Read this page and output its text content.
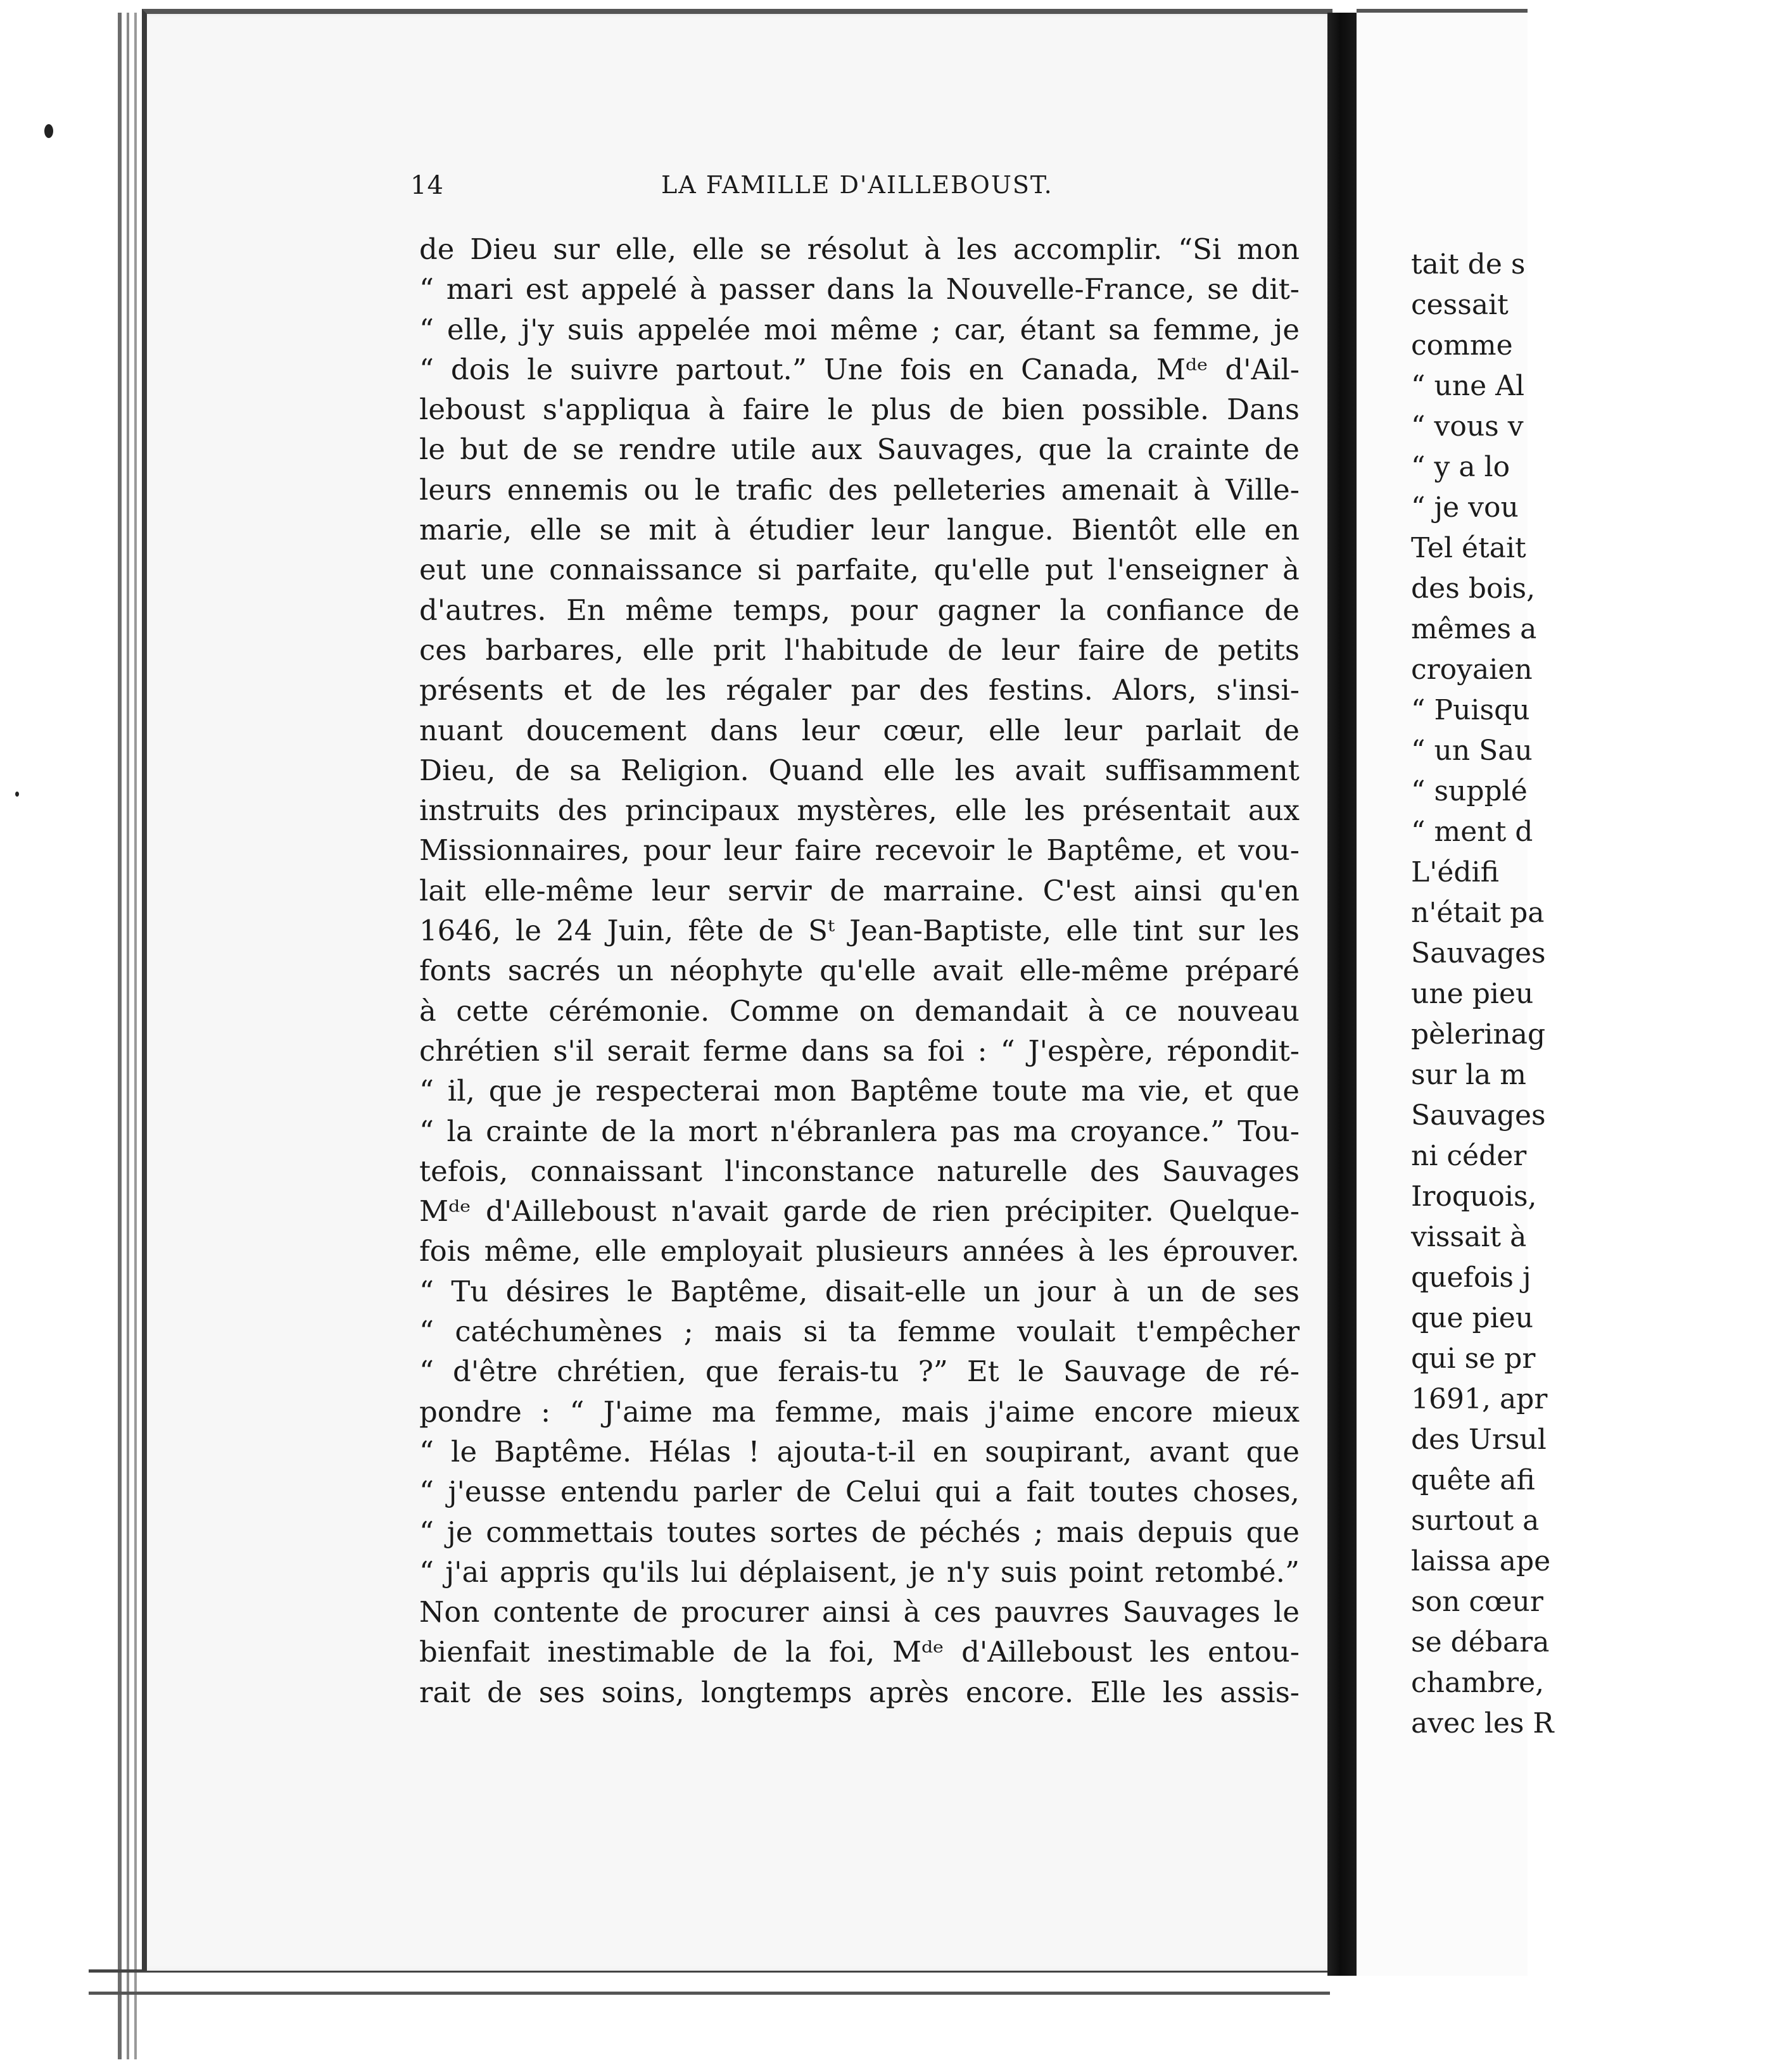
14	LA FAMILLE D'AILLEBOUST.
de Dieu sur elle, elle se résolut à les accomplir. “Si mon
“ mari est appelé à passer dans la Nouvelle-France, se dit-
“ elle, j'y suis appelée moi même ; car, étant sa femme, je
“ dois le suivre partout.” Une fois en Canada, Mᵈᵉ d'Ail-
leboust s'appliqua à faire le plus de bien possible. Dans
le but de se rendre utile aux Sauvages, que la crainte de
leurs ennemis ou le trafic des pelleteries amenait à Ville-
marie, elle se mit à étudier leur langue. Bientôt elle en
eut une connaissance si parfaite, qu'elle put l'enseigner à
d'autres. En même temps, pour gagner la confiance de
ces barbares, elle prit l'habitude de leur faire de petits
présents et de les régaler par des festins. Alors, s'insi-
nuant doucement dans leur cœur, elle leur parlait de
Dieu, de sa Religion. Quand elle les avait suffisamment
instruits des principaux mystères, elle les présentait aux
Missionnaires, pour leur faire recevoir le Baptême, et vou-
lait elle-même leur servir de marraine. C'est ainsi qu'en
1646, le 24 Juin, fête de Sᵗ Jean-Baptiste, elle tint sur les
fonts sacrés un néophyte qu'elle avait elle-même préparé
à cette cérémonie. Comme on demandait à ce nouveau
chrétien s'il serait ferme dans sa foi : “ J'espère, répondit-
“ il, que je respecterai mon Baptême toute ma vie, et que
“ la crainte de la mort n'ébranlera pas ma croyance.” Tou-
tefois, connaissant l'inconstance naturelle des Sauvages
Mᵈᵉ d'Ailleboust n'avait garde de rien précipiter. Quelque-
fois même, elle employait plusieurs années à les éprouver.
“ Tu désires le Baptême, disait-elle un jour à un de ses
“ catéchumènes ; mais si ta femme voulait t'empêcher
“ d'être chrétien, que ferais-tu ?” Et le Sauvage de ré-
pondre : “ J'aime ma femme, mais j'aime encore mieux
“ le Baptême. Hélas ! ajouta-t-il en soupirant, avant que
“ j'eusse entendu parler de Celui qui a fait toutes choses,
“ je commettais toutes sortes de péchés ; mais depuis que
“ j'ai appris qu'ils lui déplaisent, je n'y suis point retombé.”
Non contente de procurer ainsi à ces pauvres Sauvages le
bienfait inestimable de la foi, Mᵈᵉ d'Ailleboust les entou-
rait de ses soins, longtemps après encore. Elle les assis-
tait de s
cessait
comme
“ une Al
“ vous v
“ y a lo
“ je vou
Tel était
des bois,
mêmes a
croyaien
“ Puisqu
“ un Sau
“ supplé
“ ment d
L'édifi
n'était pa
Sauvages
une pieu
pèlerinag
sur la m
Sauvages
ni céder
Iroquois,
vissait à
quefois j
que pieu
qui se pr
1691, apr
des Ursul
quête afi
surtout a
laissa ape
son cœur
se débara
chambre,
avec les R
